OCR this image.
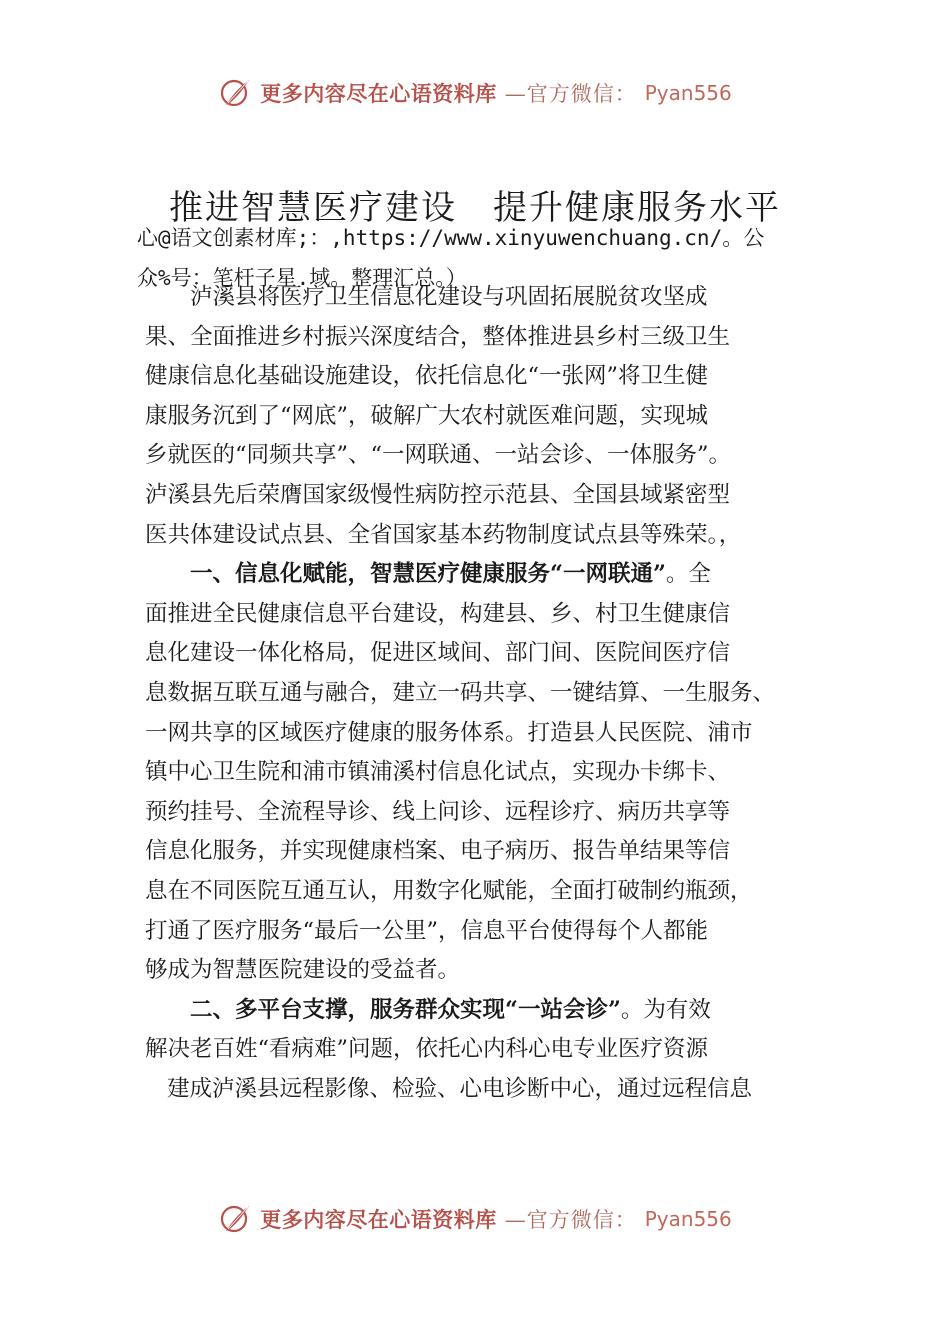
更多内容尽在心语资料库 —官方微信： Pyan556
推进智慧医疗建设　提升健康服务水平
心@语文创素材库;：,https://www.xinyuwenchuang.cn/。公
众%号：笔杆子星.域。整理汇总。）
泸溪县将医疗卫生信息化建设与巩固拓展脱贫攻坚成
果、全面推进乡村振兴深度结合，整体推进县乡村三级卫生
健康信息化基础设施建设，依托信息化“一张网”将卫生健
康服务沉到了“网底”，破解广大农村就医难问题，实现城
乡就医的“同频共享”、“一网联通、一站会诊、一体服务”。
泸溪县先后荣膺国家级慢性病防控示范县、全国县域紧密型
医共体建设试点县、全省国家基本药物制度试点县等殊荣。，
一、信息化赋能，智慧医疗健康服务“一网联通”。全
面推进全民健康信息平台建设，构建县、乡、村卫生健康信
息化建设一体化格局，促进区域间、部门间、医院间医疗信
息数据互联互通与融合，建立一码共享、一键结算、一生服务、
一网共享的区域医疗健康的服务体系。打造县人民医院、浦市
镇中心卫生院和浦市镇浦溪村信息化试点，实现办卡绑卡、
预约挂号、全流程导诊、线上问诊、远程诊疗、病历共享等
信息化服务，并实现健康档案、电子病历、报告单结果等信
息在不同医院互通互认，用数字化赋能，全面打破制约瓶颈，
打通了医疗服务“最后一公里”，信息平台使得每个人都能
够成为智慧医院建设的受益者。
二、多平台支撑，服务群众实现“一站会诊”。为有效
解决老百姓“看病难”问题，依托心内科心电专业医疗资源
建成泸溪县远程影像、检验、心电诊断中心，通过远程信息
更多内容尽在心语资料库 —官方微信： Pyan556
